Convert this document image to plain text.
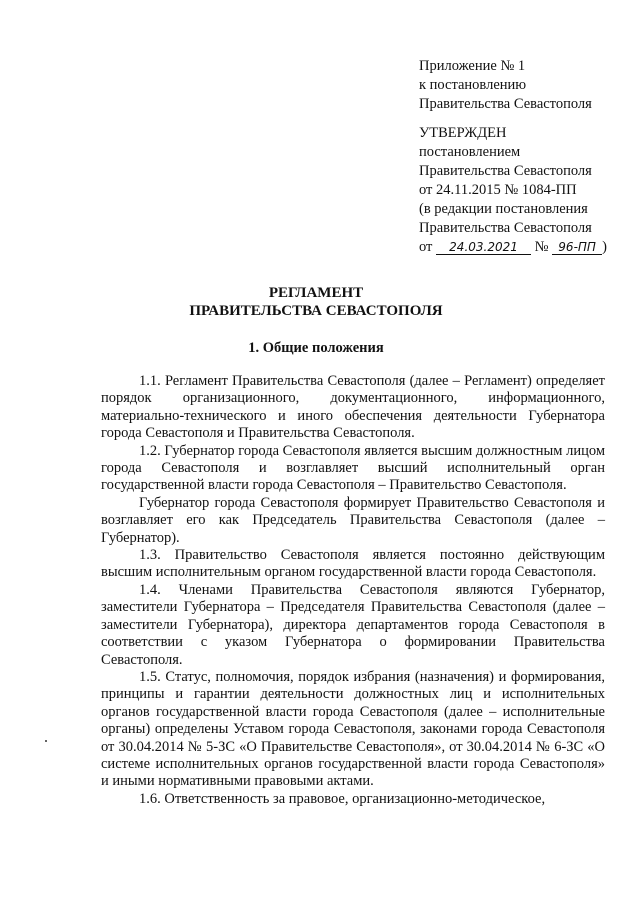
Приложение № 1
к постановлению
Правительства Севастополя
УТВЕРЖДЕН
постановлением
Правительства Севастополя
от 24.11.2015 № 1084-ПП
(в редакции постановления
Правительства Севастополя
от 24.03.2021 № 96-ПП )
РЕГЛАМЕНТ
ПРАВИТЕЛЬСТВА СЕВАСТОПОЛЯ
1. Общие положения

1.1. Регламент Правительства Севастополя (далее – Регламент) определяет порядок организационного, документационного, информационного, материально-технического и иного обеспечения деятельности Губернатора города Севастополя и Правительства Севастополя.

1.2. Губернатор города Севастополя является высшим должностным лицом города Севастополя и возглавляет высший исполнительный орган государственной власти города Севастополя – Правительство Севастополя.

Губернатор города Севастополя формирует Правительство Севастополя и возглавляет его как Председатель Правительства Севастополя (далее – Губернатор).

1.3. Правительство Севастополя является постоянно действующим высшим исполнительным органом государственной власти города Севастополя.

1.4. Членами Правительства Севастополя являются Губернатор, заместители Губернатора – Председателя Правительства Севастополя (далее – заместители Губернатора), директора департаментов города Севастополя в соответствии с указом Губернатора о формировании Правительства Севастополя.

1.5. Статус, полномочия, порядок избрания (назначения) и формирования, принципы и гарантии деятельности должностных лиц и исполнительных органов государственной власти города Севастополя (далее – исполнительные органы) определены Уставом города Севастополя, законами города Севастополя от 30.04.2014 № 5-ЗС «О Правительстве Севастополя», от 30.04.2014 № 6-ЗС «О системе исполнительных органов государственной власти города Севастополя» и иными нормативными правовыми актами.

1.6. Ответственность за правовое, организационно-методическое,
